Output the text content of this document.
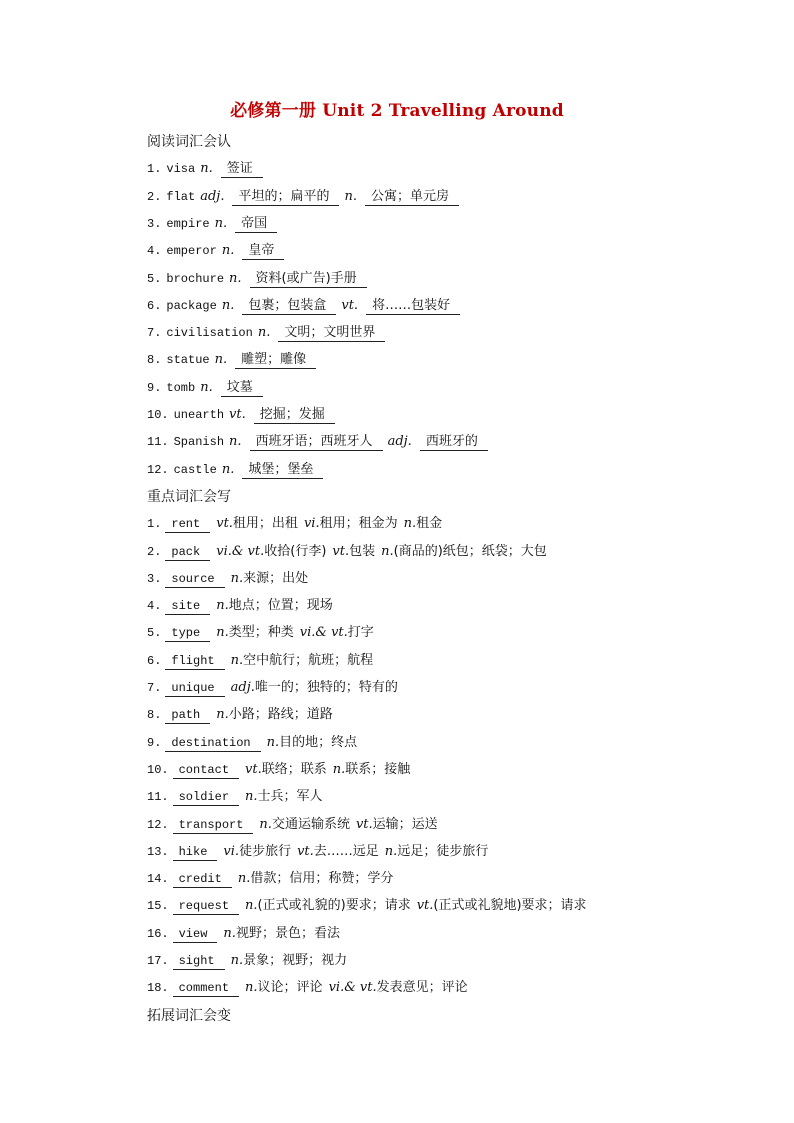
必修第一册 Unit 2 Travelling Around
阅读词汇会认
1. visa n. 签证
2. flat adj. 平坦的；扁平的 n. 公寓；单元房
3. empire n. 帝国
4. emperor n. 皇帝
5. brochure n. 资料(或广告)手册
6. package n. 包裹；包装盒 vt. 将……包装好
7. civilisation n. 文明；文明世界
8. statue n. 雕塑；雕像
9. tomb n. 坟墓
10. unearth vt. 挖掘；发掘
11. Spanish n. 西班牙语；西班牙人 adj. 西班牙的
12. castle n. 城堡；堡垒
重点词汇会写
1. rent vt.租用；出租 vi.租用；租金为 n.租金
2. pack vi.& vt.收拾(行李) vt.包装 n.(商品的)纸包；纸袋；大包
3. source n.来源；出处
4. site n.地点；位置；现场
5. type n.类型；种类 vi.& vt.打字
6. flight n.空中航行；航班；航程
7. unique adj.唯一的；独特的；特有的
8. path n.小路；路线；道路
9. destination n.目的地；终点
10. contact vt.联络；联系 n.联系；接触
11. soldier n.士兵；军人
12. transport n.交通运输系统 vt.运输；运送
13. hike vi.徒步旅行 vt.去……远足 n.远足；徒步旅行
14. credit n.借款；信用；称赞；学分
15. request n.(正式或礼貌的)要求；请求 vt.(正式或礼貌地)要求；请求
16. view n.视野；景色；看法
17. sight n.景象；视野；视力
18. comment n.议论；评论 vi.& vt.发表意见；评论
拓展词汇会变
